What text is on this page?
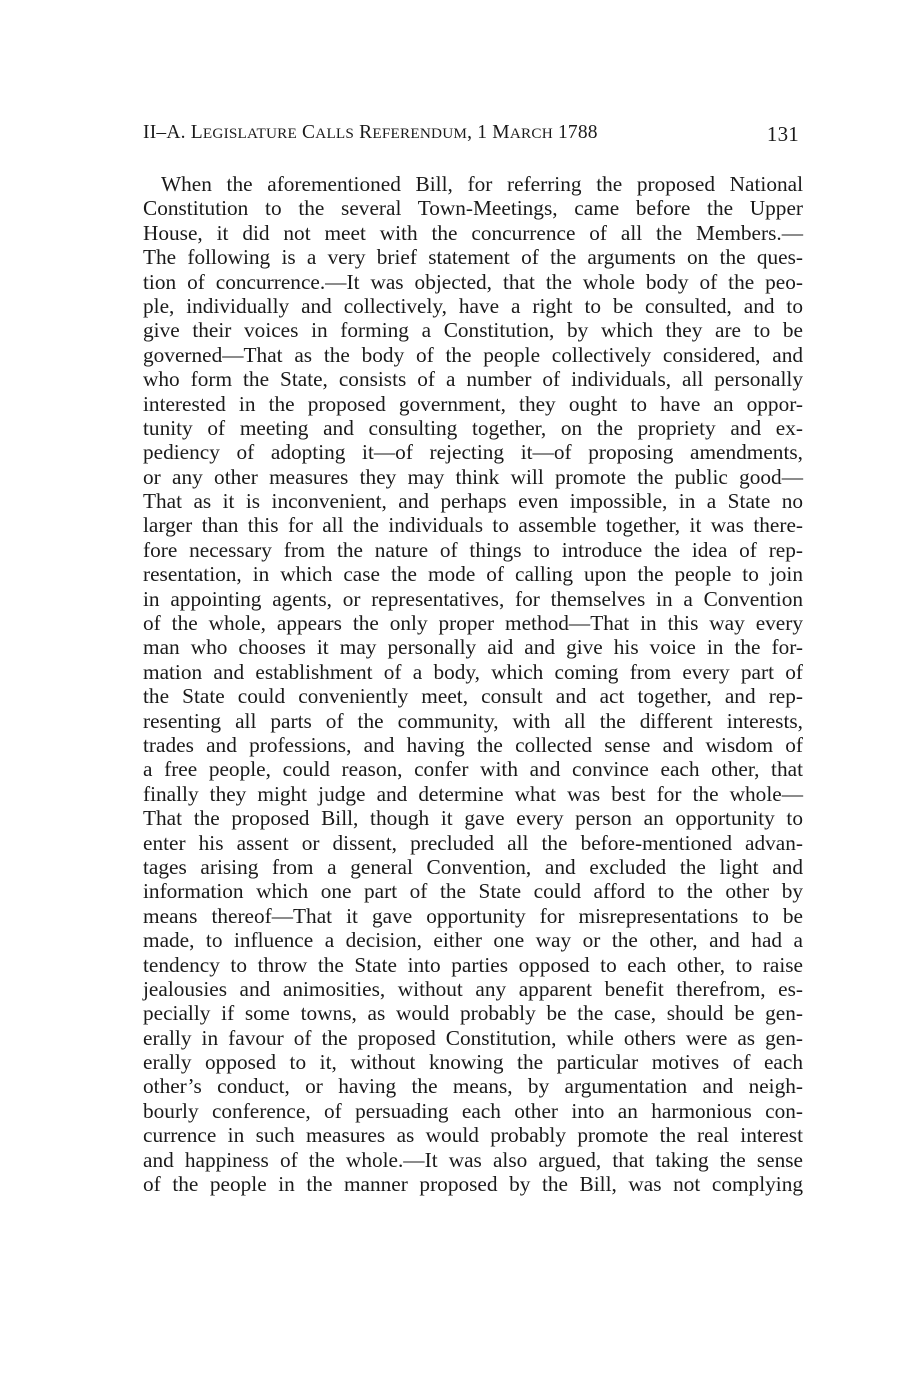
II–A. LEGISLATURE CALLS REFERENDUM, 1 MARCH 1788	131
When the aforementioned Bill, for referring the proposed National
Constitution to the several Town-Meetings, came before the Upper
House, it did not meet with the concurrence of all the Members.—
The following is a very brief statement of the arguments on the ques-
tion of concurrence.—It was objected, that the whole body of the peo-
ple, individually and collectively, have a right to be consulted, and to
give their voices in forming a Constitution, by which they are to be
governed—That as the body of the people collectively considered, and
who form the State, consists of a number of individuals, all personally
interested in the proposed government, they ought to have an oppor-
tunity of meeting and consulting together, on the propriety and ex-
pediency of adopting it—of rejecting it—of proposing amendments,
or any other measures they may think will promote the public good—
That as it is inconvenient, and perhaps even impossible, in a State no
larger than this for all the individuals to assemble together, it was there-
fore necessary from the nature of things to introduce the idea of rep-
resentation, in which case the mode of calling upon the people to join
in appointing agents, or representatives, for themselves in a Convention
of the whole, appears the only proper method—That in this way every
man who chooses it may personally aid and give his voice in the for-
mation and establishment of a body, which coming from every part of
the State could conveniently meet, consult and act together, and rep-
resenting all parts of the community, with all the different interests,
trades and professions, and having the collected sense and wisdom of
a free people, could reason, confer with and convince each other, that
finally they might judge and determine what was best for the whole—
That the proposed Bill, though it gave every person an opportunity to
enter his assent or dissent, precluded all the before-mentioned advan-
tages arising from a general Convention, and excluded the light and
information which one part of the State could afford to the other by
means thereof—That it gave opportunity for misrepresentations to be
made, to influence a decision, either one way or the other, and had a
tendency to throw the State into parties opposed to each other, to raise
jealousies and animosities, without any apparent benefit therefrom, es-
pecially if some towns, as would probably be the case, should be gen-
erally in favour of the proposed Constitution, while others were as gen-
erally opposed to it, without knowing the particular motives of each
other’s conduct, or having the means, by argumentation and neigh-
bourly conference, of persuading each other into an harmonious con-
currence in such measures as would probably promote the real interest
and happiness of the whole.—It was also argued, that taking the sense
of the people in the manner proposed by the Bill, was not complying
